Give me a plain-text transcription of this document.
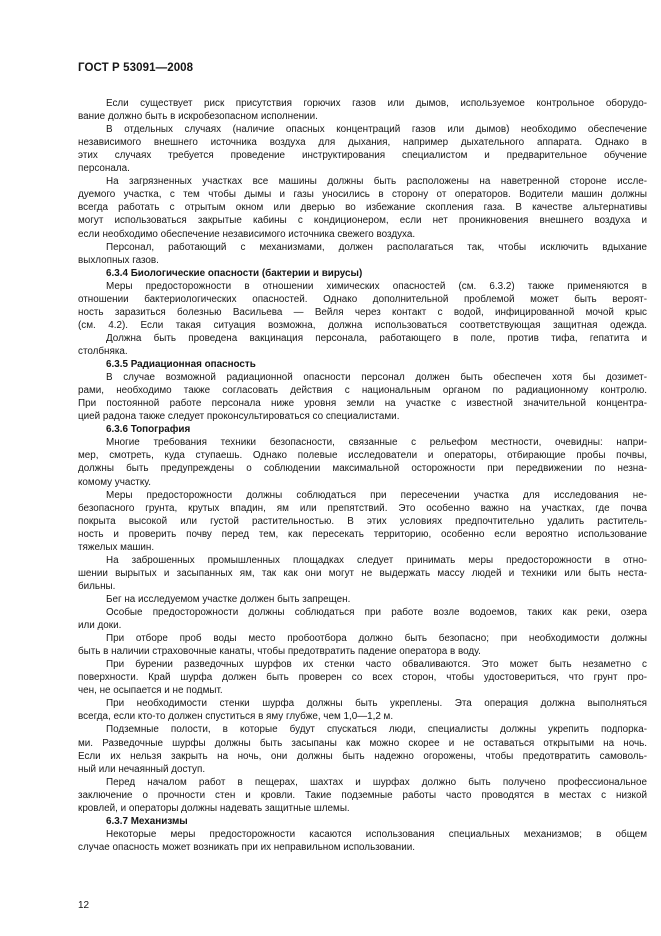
ГОСТ Р 53091—2008
Если существует риск присутствия горючих газов или дымов, используемое контрольное оборудо-
вание должно быть в искробезопасном исполнении.
В отдельных случаях (наличие опасных концентраций газов или дымов) необходимо обеспечение
независимого внешнего источника воздуха для дыхания, например дыхательного аппарата. Однако в
этих случаях требуется проведение инструктирования специалистом и предварительное обучение
персонала.
На загрязненных участках все машины должны быть расположены на наветренной стороне иссле-
дуемого участка, с тем чтобы дымы и газы уносились в сторону от операторов. Водители машин должны
всегда работать с отрытым окном или дверью во избежание скопления газа. В качестве альтернативы
могут использоваться закрытые кабины с кондиционером, если нет проникновения внешнего воздуха и
если необходимо обеспечение независимого источника свежего воздуха.
Персонал, работающий с механизмами, должен располагаться так, чтобы исключить вдыхание
выхлопных газов.
6.3.4 Биологические опасности (бактерии и вирусы)
Меры предосторожности в отношении химических опасностей (см. 6.3.2) также применяются в
отношении бактериологических опасностей. Однако дополнительной проблемой может быть вероят-
ность заразиться болезнью Васильева — Вейля через контакт с водой, инфицированной мочой крыс
(см. 4.2). Если такая ситуация возможна, должна использоваться соответствующая защитная одежда.
Должна быть проведена вакцинация персонала, работающего в поле, против тифа, гепатита и
столбняка.
6.3.5 Радиационная опасность
В случае возможной радиационной опасности персонал должен быть обеспечен хотя бы дозимет-
рами, необходимо также согласовать действия с национальным органом по радиационному контролю.
При постоянной работе персонала ниже уровня земли на участке с известной значительной концентра-
цией радона также следует проконсультироваться со специалистами.
6.3.6 Топография
Многие требования техники безопасности, связанные с рельефом местности, очевидны: напри-
мер, смотреть, куда ступаешь. Однако полевые исследователи и операторы, отбирающие пробы почвы,
должны быть предупреждены о соблюдении максимальной осторожности при передвижении по незна-
комому участку.
Меры предосторожности должны соблюдаться при пересечении участка для исследования не-
безопасного грунта, крутых впадин, ям или препятствий. Это особенно важно на участках, где почва
покрыта высокой или густой растительностью. В этих условиях предпочтительно удалить раститель-
ность и проверить почву перед тем, как пересекать территорию, особенно если вероятно использование
тяжелых машин.
На заброшенных промышленных площадках следует принимать меры предосторожности в отно-
шении вырытых и засыпанных ям, так как они могут не выдержать массу людей и техники или быть неста-
бильны.
Бег на исследуемом участке должен быть запрещен.
Особые предосторожности должны соблюдаться при работе возле водоемов, таких как реки, озера
или доки.
При отборе проб воды место пробоотбора должно быть безопасно; при необходимости должны
быть в наличии страховочные канаты, чтобы предотвратить падение оператора в воду.
При бурении разведочных шурфов их стенки часто обваливаются. Это может быть незаметно с
поверхности. Край шурфа должен быть проверен со всех сторон, чтобы удостовериться, что грунт про-
чен, не осыпается и не подмыт.
При необходимости стенки шурфа должны быть укреплены. Эта операция должна выполняться
всегда, если кто-то должен спуститься в яму глубже, чем 1,0—1,2 м.
Подземные полости, в которые будут спускаться люди, специалисты должны укрепить подпорка-
ми. Разведочные шурфы должны быть засыпаны как можно скорее и не оставаться открытыми на ночь.
Если их нельзя закрыть на ночь, они должны быть надежно огорожены, чтобы предотвратить самоволь-
ный или нечаянный доступ.
Перед началом работ в пещерах, шахтах и шурфах должно быть получено профессиональное
заключение о прочности стен и кровли. Такие подземные работы часто проводятся в местах с низкой
кровлей, и операторы должны надевать защитные шлемы.
6.3.7 Механизмы
Некоторые меры предосторожности касаются использования специальных механизмов; в общем
случае опасность может возникать при их неправильном использовании.
12
